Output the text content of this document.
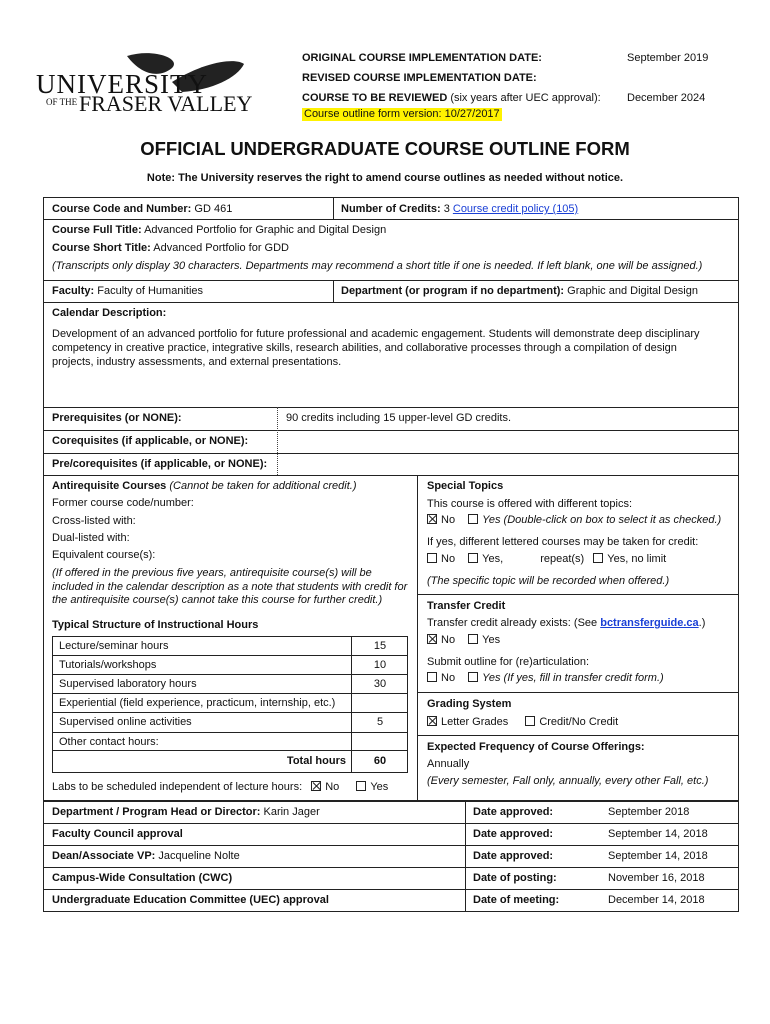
UNIVERSITY
OF THE FRASER VALLEY
ORIGINAL COURSE IMPLEMENTATION DATE:	September 2019
REVISED COURSE IMPLEMENTATION DATE:
COURSE TO BE REVIEWED (six years after UEC approval): December 2024
Course outline form version: 10/27/2017
OFFICIAL UNDERGRADUATE COURSE OUTLINE FORM
Note: The University reserves the right to amend course outlines as needed without notice.
Course Code and Number: GD 461	Number of Credits: 3 Course credit policy (105)
Course Full Title: Advanced Portfolio for Graphic and Digital Design
Course Short Title: Advanced Portfolio for GDD
(Transcripts only display 30 characters. Departments may recommend a short title if one is needed. If left blank, one will be assigned.)
Faculty: Faculty of Humanities	Department (or program if no department): Graphic and Digital Design
Calendar Description:
Development of an advanced portfolio for future professional and academic engagement. Students will demonstrate deep disciplinary competency in creative practice, integrative skills, research abilities, and collaborative processes through a compilation of design projects, industry assessments, and external presentations.
Prerequisites (or NONE):	90 credits including 15 upper-level GD credits.
Corequisites (if applicable, or NONE):
Pre/corequisites (if applicable, or NONE):
Antirequisite Courses (Cannot be taken for additional credit.)
Former course code/number:
Cross-listed with:
Dual-listed with:
Equivalent course(s):
(If offered in the previous five years, antirequisite course(s) will be included in the calendar description as a note that students with credit for the antirequisite course(s) cannot take this course for further credit.)
Typical Structure of Instructional Hours
Lecture/seminar hours	15
Tutorials/workshops	10
Supervised laboratory hours	30
Experiential (field experience, practicum, internship, etc.)
Supervised online activities	5
Other contact hours:
Total hours	60
Labs to be scheduled independent of lecture hours: No	Yes
Special Topics
This course is offered with different topics:
No Yes (Double-click on box to select it as checked.)
If yes, different lettered courses may be taken for credit:
No Yes,	repeat(s) Yes, no limit
(The specific topic will be recorded when offered.)
Transfer Credit
Transfer credit already exists: (See bctransferguide.ca.)
No Yes
Submit outline for (re)articulation:
No Yes (If yes, fill in transfer credit form.)
Grading System
Letter Grades	Credit/No Credit
Expected Frequency of Course Offerings:
Annually
(Every semester, Fall only, annually, every other Fall, etc.)
Department / Program Head or Director: Karin Jager	Date approved:	September 2018
Faculty Council approval	Date approved:	September 14, 2018
Dean/Associate VP: Jacqueline Nolte	Date approved:	September 14, 2018
Campus-Wide Consultation (CWC)	Date of posting:	November 16, 2018
Undergraduate Education Committee (UEC) approval	Date of meeting:	December 14, 2018
